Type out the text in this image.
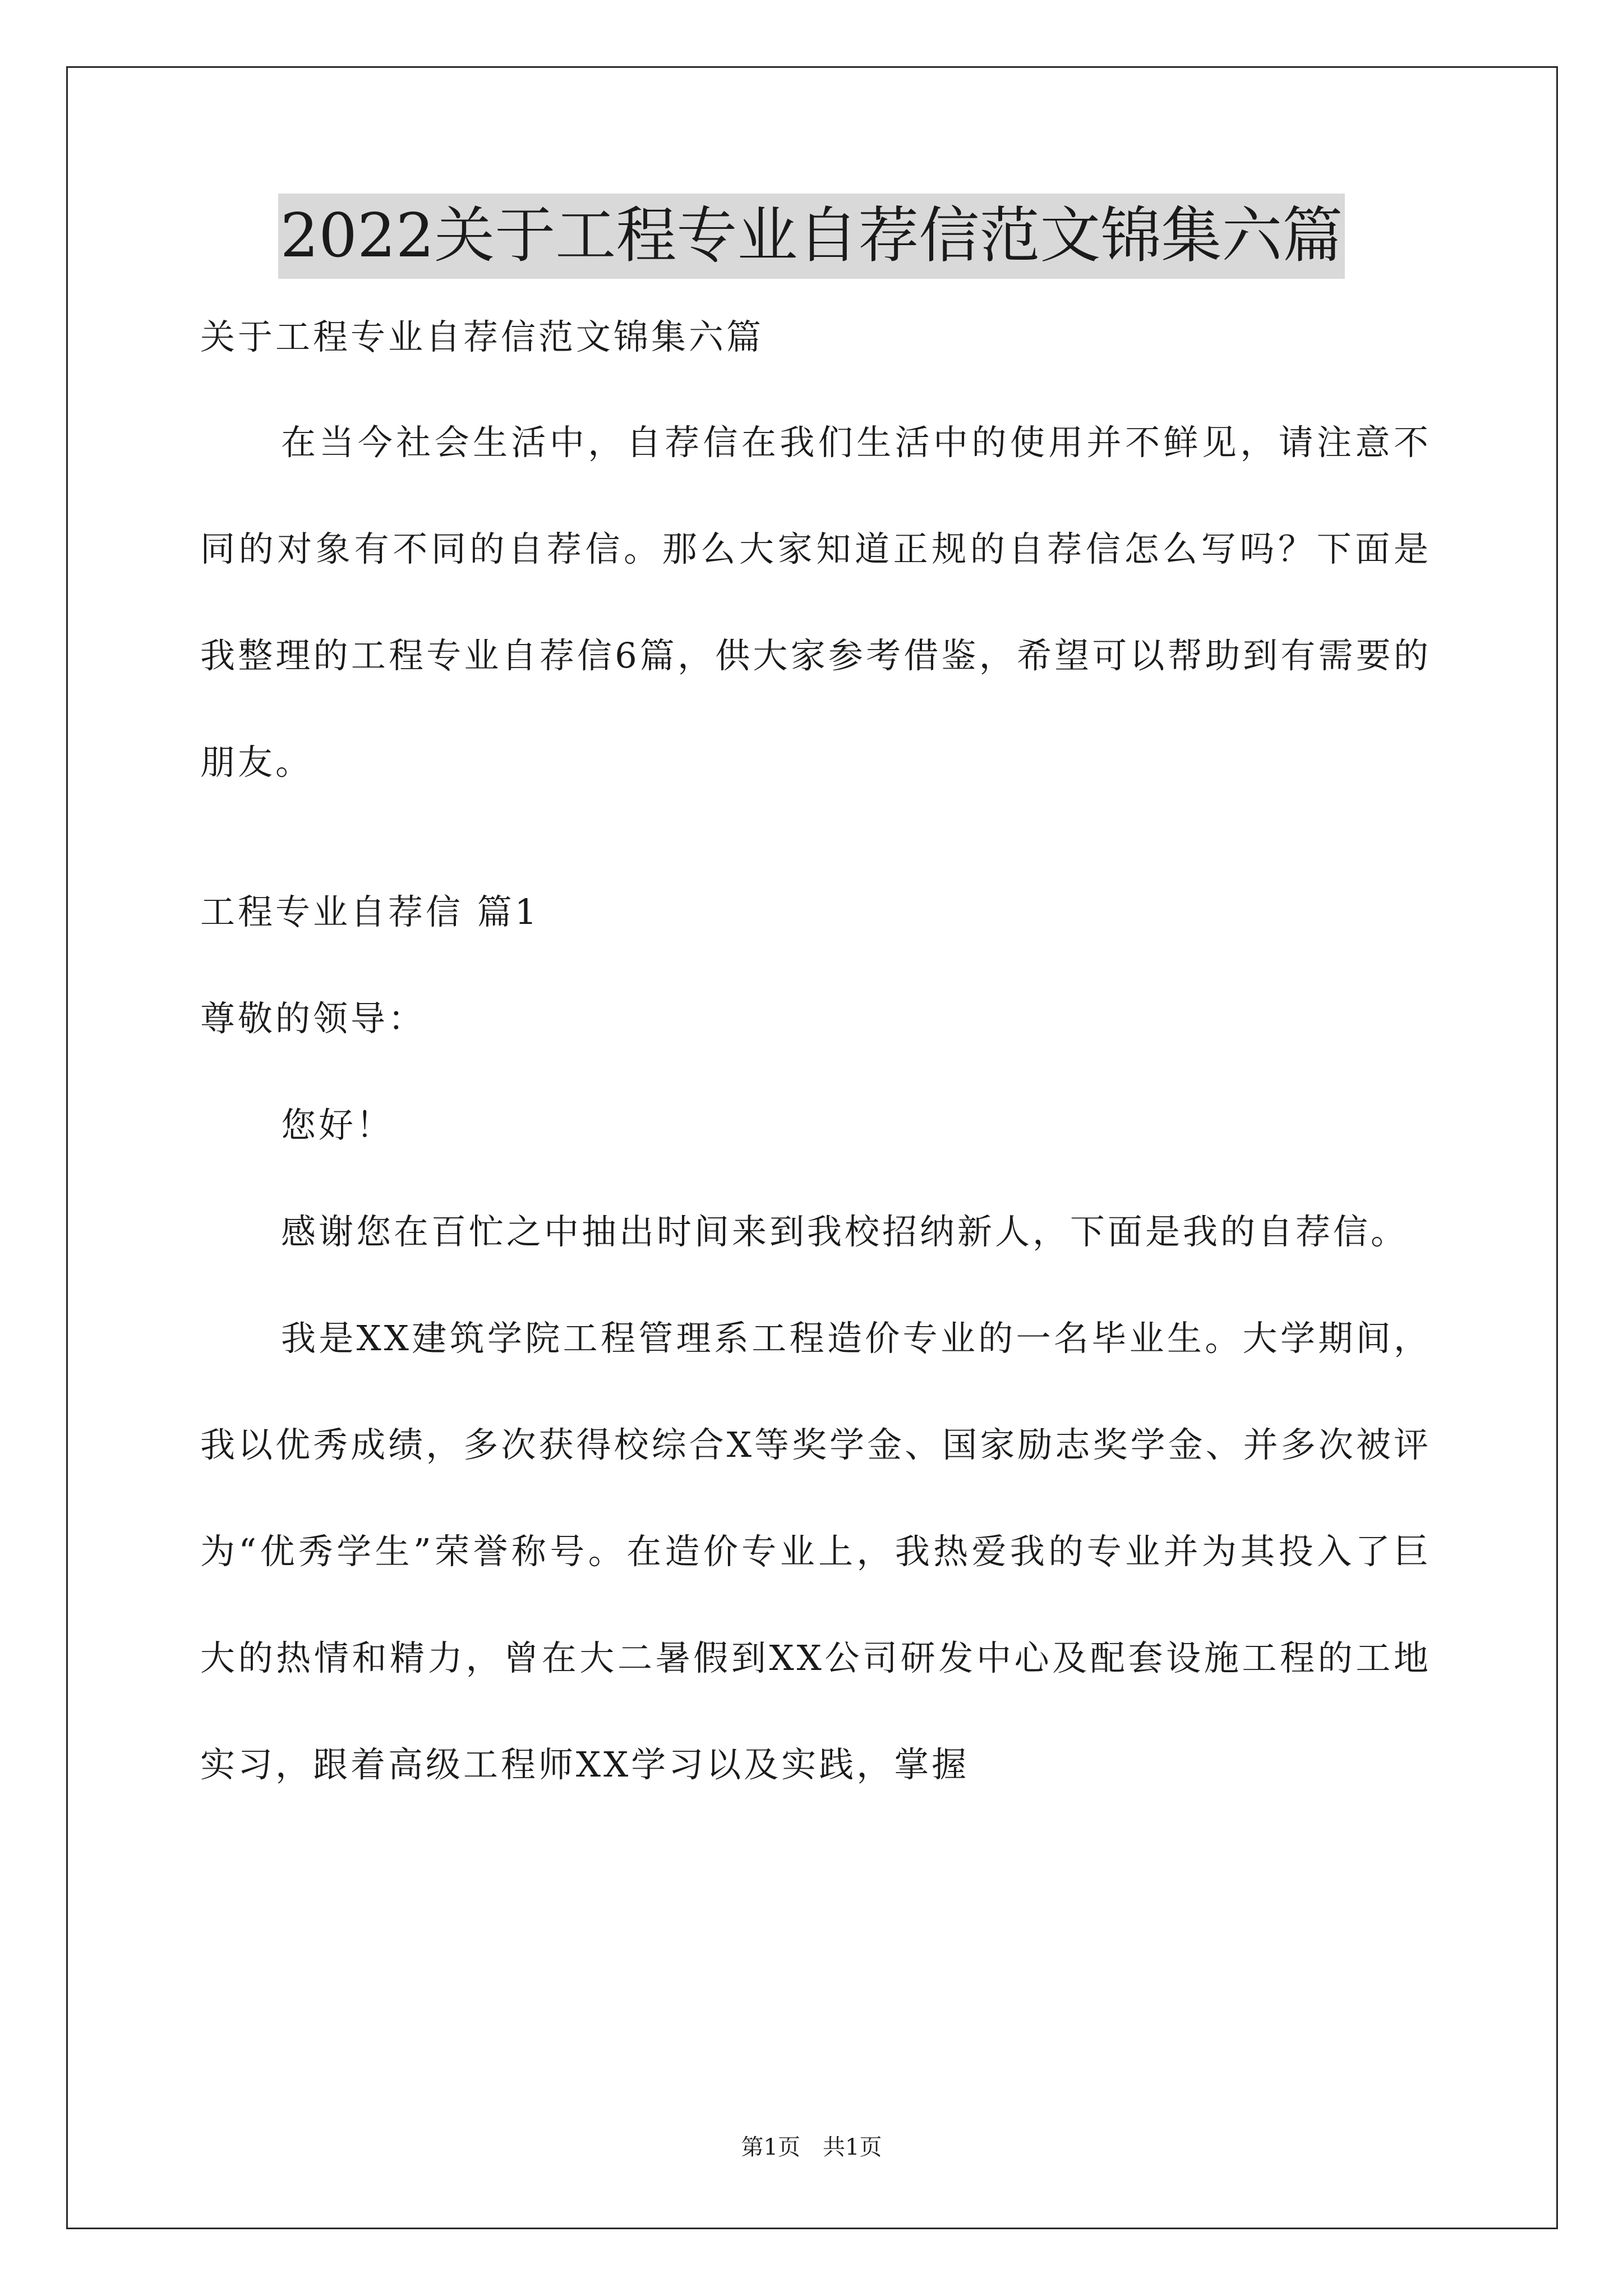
2022关于工程专业自荐信范文锦集六篇

关于工程专业自荐信范文锦集六篇

在当今社会生活中，自荐信在我们生活中的使用并不鲜见，请注意不同的对象有不同的自荐信。那么大家知道正规的自荐信怎么写吗？下面是我整理的工程专业自荐信6篇，供大家参考借鉴，希望可以帮助到有需要的朋友。

工程专业自荐信 篇1

尊敬的领导：

您好！

感谢您在百忙之中抽出时间来到我校招纳新人，下面是我的自荐信。

我是XX建筑学院工程管理系工程造价专业的一名毕业生。大学期间，我以优秀成绩，多次获得校综合X等奖学金、国家励志奖学金、并多次被评为“优秀学生”荣誉称号。在造价专业上，我热爱我的专业并为其投入了巨大的热情和精力，曾在大二暑假到XX公司研发中心及配套设施工程的工地实习，跟着高级工程师XX学习以及实践，掌握

第1页　共1页
